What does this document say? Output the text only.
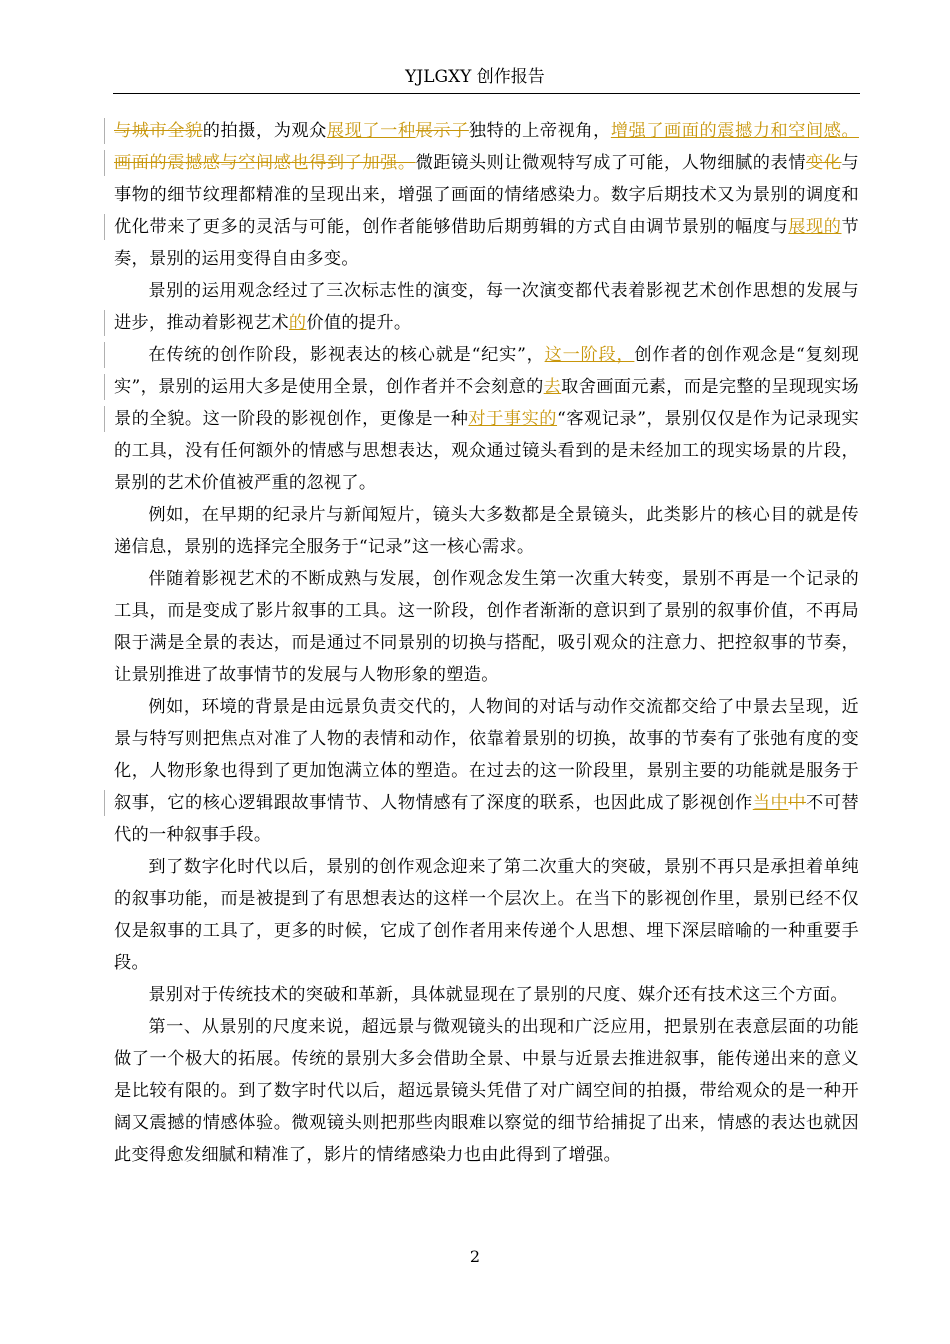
YJLGXY 创作报告

与城市全貌的拍摄，为观众展现了一种展示了独特的上帝视角，增强了画面的震撼力和空间感。画面的震撼感与空间感也得到了加强。微距镜头则让微观特写成了可能，人物细腻的表情变化与事物的细节纹理都精准的呈现出来，增强了画面的情绪感染力。数字后期技术又为景别的调度和优化带来了更多的灵活与可能，创作者能够借助后期剪辑的方式自由调节景别的幅度与展现的节奏，景别的运用变得自由多变。

景别的运用观念经过了三次标志性的演变，每一次演变都代表着影视艺术创作思想的发展与进步，推动着影视艺术的价值的提升。

在传统的创作阶段，影视表达的核心就是“纪实”，这一阶段，创作者的创作观念是“复刻现实”，景别的运用大多是使用全景，创作者并不会刻意的去取舍画面元素，而是完整的呈现现实场景的全貌。这一阶段的影视创作，更像是一种对于事实的“客观记录”，景别仅仅是作为记录现实的工具，没有任何额外的情感与思想表达，观众通过镜头看到的是未经加工的现实场景的片段，景别的艺术价值被严重的忽视了。

例如，在早期的纪录片与新闻短片，镜头大多数都是全景镜头，此类影片的核心目的就是传递信息，景别的选择完全服务于“记录”这一核心需求。

伴随着影视艺术的不断成熟与发展，创作观念发生第一次重大转变，景别不再是一个记录的工具，而是变成了影片叙事的工具。这一阶段，创作者渐渐的意识到了景别的叙事价值，不再局限于满是全景的表达，而是通过不同景别的切换与搭配，吸引观众的注意力、把控叙事的节奏，让景别推进了故事情节的发展与人物形象的塑造。

例如，环境的背景是由远景负责交代的，人物间的对话与动作交流都交给了中景去呈现，近景与特写则把焦点对准了人物的表情和动作，依靠着景别的切换，故事的节奏有了张弛有度的变化，人物形象也得到了更加饱满立体的塑造。在过去的这一阶段里，景别主要的功能就是服务于叙事，它的核心逻辑跟故事情节、人物情感有了深度的联系，也因此成了影视创作当中中不可替代的一种叙事手段。

到了数字化时代以后，景别的创作观念迎来了第二次重大的突破，景别不再只是承担着单纯的叙事功能，而是被提到了有思想表达的这样一个层次上。在当下的影视创作里，景别已经不仅仅是叙事的工具了，更多的时候，它成了创作者用来传递个人思想、埋下深层暗喻的一种重要手段。

景别对于传统技术的突破和革新，具体就显现在了景别的尺度、媒介还有技术这三个方面。

第一、从景别的尺度来说，超远景与微观镜头的出现和广泛应用，把景别在表意层面的功能做了一个极大的拓展。传统的景别大多会借助全景、中景与近景去推进叙事，能传递出来的意义是比较有限的。到了数字时代以后，超远景镜头凭借了对广阔空间的拍摄，带给观众的是一种开阔又震撼的情感体验。微观镜头则把那些肉眼难以察觉的细节给捕捉了出来，情感的表达也就因此变得愈发细腻和精准了，影片的情绪感染力也由此得到了增强。

2
